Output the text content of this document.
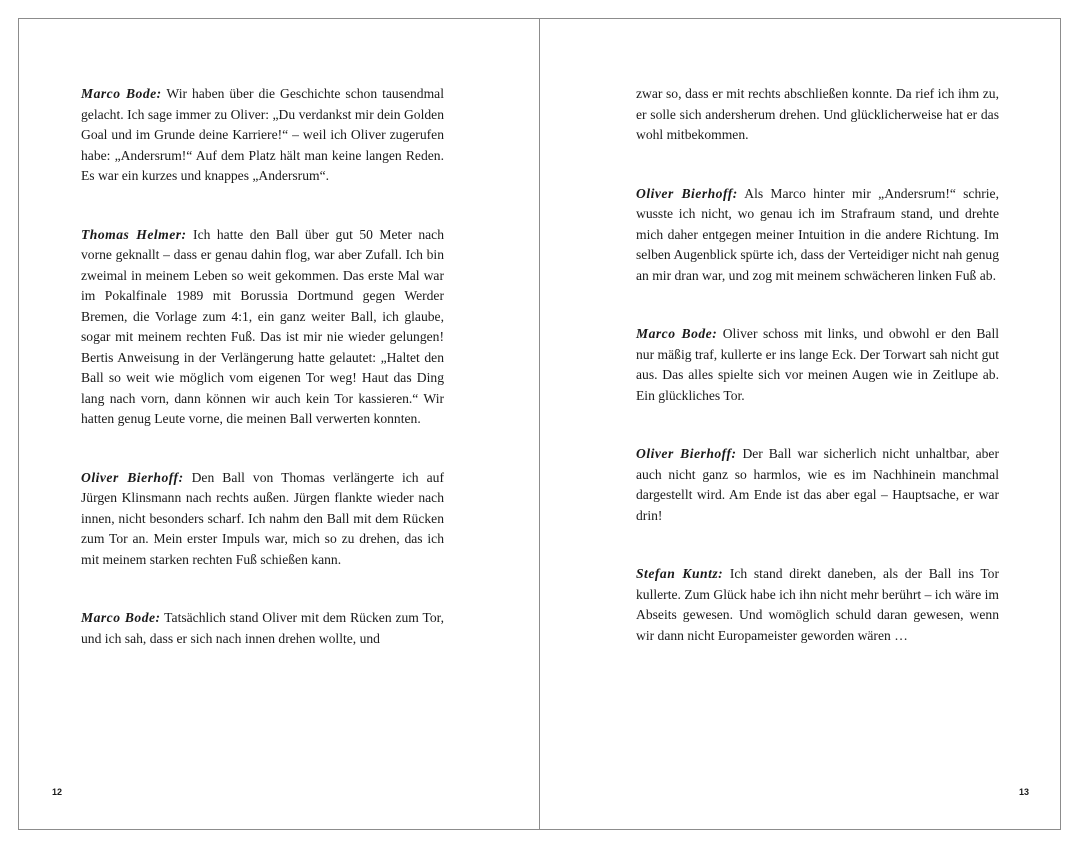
Marco Bode: Wir haben über die Geschichte schon tausendmal gelacht. Ich sage immer zu Oliver: „Du verdankst mir dein Golden Goal und im Grunde deine Karriere!“ – weil ich Oliver zugerufen habe: „Andersrum!“ Auf dem Platz hält man keine langen Reden. Es war ein kurzes und knappes „Andersrum“.

Thomas Helmer: Ich hatte den Ball über gut 50 Meter nach vorne geknallt – dass er genau dahin flog, war aber Zufall. Ich bin zweimal in meinem Leben so weit gekommen. Das erste Mal war im Pokalfinale 1989 mit Borussia Dortmund gegen Werder Bremen, die Vorlage zum 4:1, ein ganz weiter Ball, ich glaube, sogar mit meinem rechten Fuß. Das ist mir nie wieder gelungen! Bertis Anweisung in der Verlängerung hatte gelautet: „Haltet den Ball so weit wie möglich vom eigenen Tor weg! Haut das Ding lang nach vorn, dann können wir auch kein Tor kassieren.“ Wir hatten genug Leute vorne, die meinen Ball verwerten konnten.

Oliver Bierhoff: Den Ball von Thomas verlängerte ich auf Jürgen Klinsmann nach rechts außen. Jürgen flankte wieder nach innen, nicht besonders scharf. Ich nahm den Ball mit dem Rücken zum Tor an. Mein erster Impuls war, mich so zu drehen, das ich mit meinem starken rechten Fuß schießen kann.

Marco Bode: Tatsächlich stand Oliver mit dem Rücken zum Tor, und ich sah, dass er sich nach innen drehen wollte, und

zwar so, dass er mit rechts abschließen konnte. Da rief ich ihm zu, er solle sich andersherum drehen. Und glücklicherweise hat er das wohl mitbekommen.

Oliver Bierhoff: Als Marco hinter mir „Andersrum!“ schrie, wusste ich nicht, wo genau ich im Strafraum stand, und drehte mich daher entgegen meiner Intuition in die andere Richtung. Im selben Augenblick spürte ich, dass der Verteidiger nicht nah genug an mir dran war, und zog mit meinem schwächeren linken Fuß ab.

Marco Bode: Oliver schoss mit links, und obwohl er den Ball nur mäßig traf, kullerte er ins lange Eck. Der Torwart sah nicht gut aus. Das alles spielte sich vor meinen Augen wie in Zeitlupe ab. Ein glückliches Tor.

Oliver Bierhoff: Der Ball war sicherlich nicht unhaltbar, aber auch nicht ganz so harmlos, wie es im Nachhinein manchmal dargestellt wird. Am Ende ist das aber egal – Hauptsache, er war drin!

Stefan Kuntz: Ich stand direkt daneben, als der Ball ins Tor kullerte. Zum Glück habe ich ihn nicht mehr berührt – ich wäre im Abseits gewesen. Und womöglich schuld daran gewesen, wenn wir dann nicht Europameister geworden wären …

12	13
